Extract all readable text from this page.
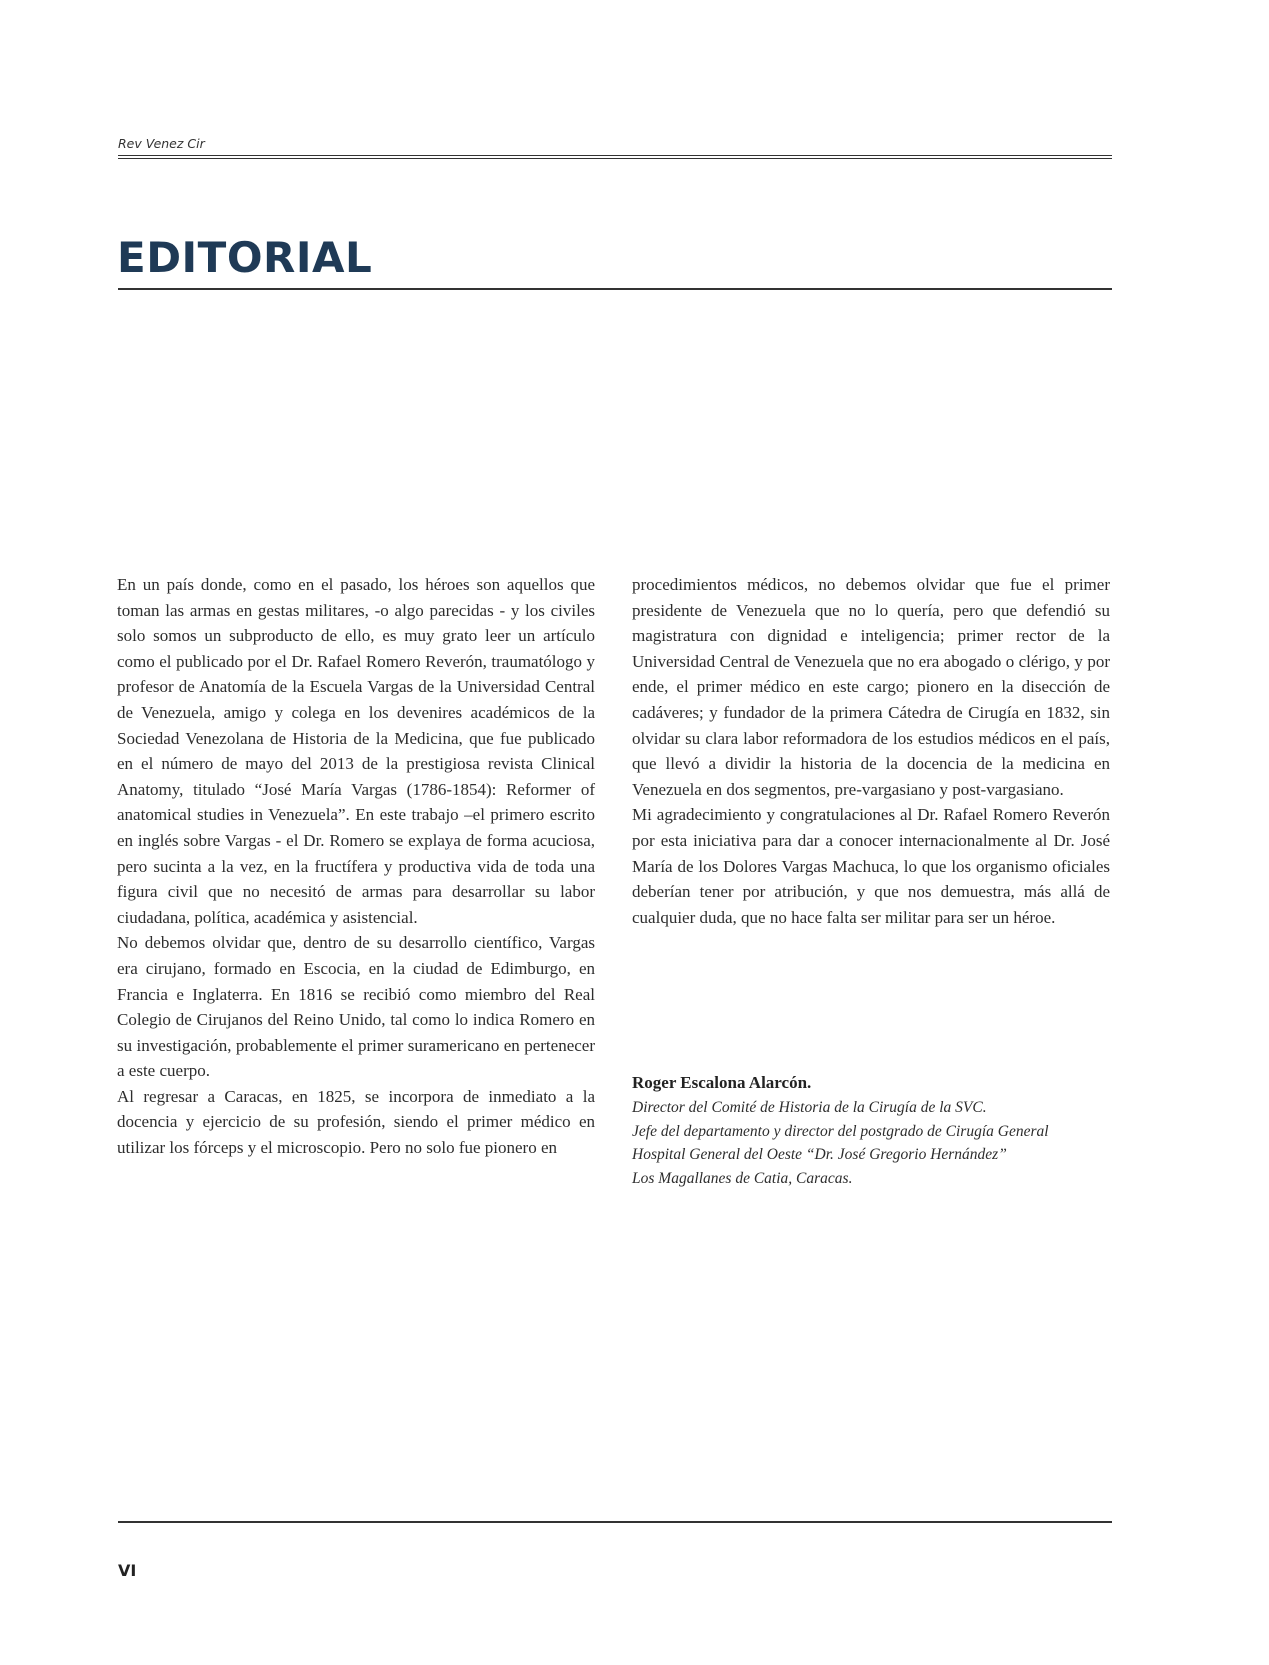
Rev Venez Cir
EDITORIAL

En un país donde, como en el pasado, los héroes son aquellos que toman las armas en gestas militares, -o algo parecidas - y los civiles solo somos un subproducto de ello, es muy grato leer un artículo como el publicado por el Dr. Rafael Romero Reverón, traumatólogo y profesor de Anatomía de la Escuela Vargas de la Universidad Central de Venezuela, amigo y colega en los devenires académicos de la Sociedad Venezolana de Historia de la Medicina, que fue publicado en el número de mayo del 2013 de la prestigiosa revista Clinical Anatomy, titulado “José María Vargas (1786-1854): Reformer of anatomical studies in Venezuela”. En este trabajo –el primero escrito en inglés sobre Vargas - el Dr. Romero se explaya de forma acuciosa, pero sucinta a la vez, en la fructífera y productiva vida de toda una figura civil que no necesitó de armas para desarrollar su labor ciudadana, política, académica y asistencial.

No debemos olvidar que, dentro de su desarrollo científico, Vargas era cirujano, formado en Escocia, en la ciudad de Edimburgo, en Francia e Inglaterra. En 1816 se recibió como miembro del Real Colegio de Cirujanos del Reino Unido, tal como lo indica Romero en su investigación, probablemente el primer suramericano en pertenecer a este cuerpo.

Al regresar a Caracas, en 1825, se incorpora de inmediato a la docencia y ejercicio de su profesión, siendo el primer médico en utilizar los fórceps y el microscopio. Pero no solo fue pionero en

procedimientos médicos, no debemos olvidar que fue el primer presidente de Venezuela que no lo quería, pero que defendió su magistratura con dignidad e inteligencia; primer rector de la Universidad Central de Venezuela que no era abogado o clérigo, y por ende, el primer médico en este cargo; pionero en la disección de cadáveres; y fundador de la primera Cátedra de Cirugía en 1832, sin olvidar su clara labor reformadora de los estudios médicos en el país, que llevó a dividir la historia de la docencia de la medicina en Venezuela en dos segmentos, pre-vargasiano y post-vargasiano.

Mi agradecimiento y congratulaciones al Dr. Rafael Romero Reverón por esta iniciativa para dar a conocer internacionalmente al Dr. José María de los Dolores Vargas Machuca, lo que los organismo oficiales deberían tener por atribución, y que nos demuestra, más allá de cualquier duda, que no hace falta ser militar para ser un héroe.

Roger Escalona Alarcón.
Director del Comité de Historia de la Cirugía de la SVC.
Jefe del departamento y director del postgrado de Cirugía General
Hospital General del Oeste “Dr. José Gregorio Hernández”
Los Magallanes de Catia, Caracas.
VI
